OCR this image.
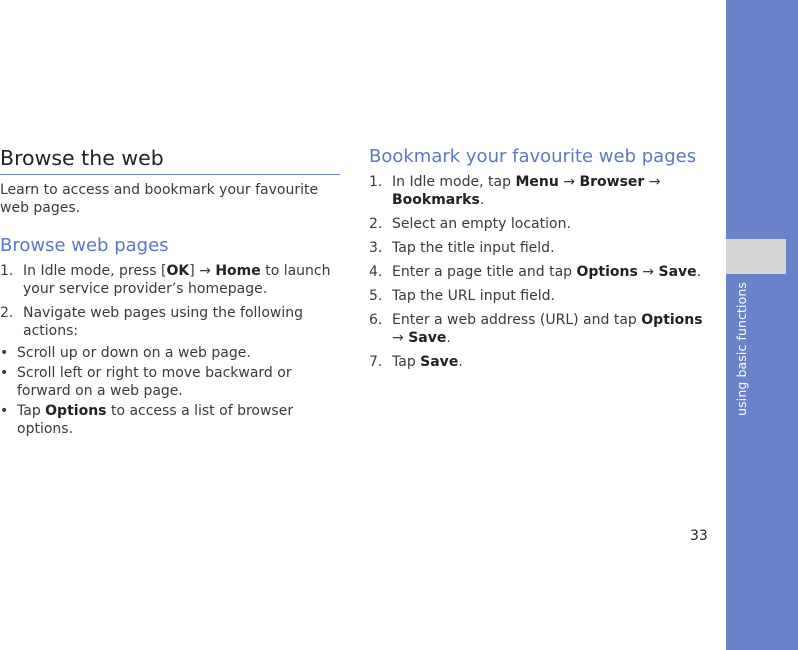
using basic functions
33
Browse the web

Learn to access and bookmark your favourite web pages.

Browse web pages
1. In Idle mode, press [OK] → Home to launch your service provider’s homepage.
2. Navigate web pages using the following actions:
• Scroll up or down on a web page.
• Scroll left or right to move backward or forward on a web page.
• Tap Options to access a list of browser options.
Bookmark your favourite web pages
1. In Idle mode, tap Menu → Browser → Bookmarks.
2. Select an empty location.
3. Tap the title input field.
4. Enter a page title and tap Options → Save.
5. Tap the URL input field.
6. Enter a web address (URL) and tap Options → Save.
7. Tap Save.
